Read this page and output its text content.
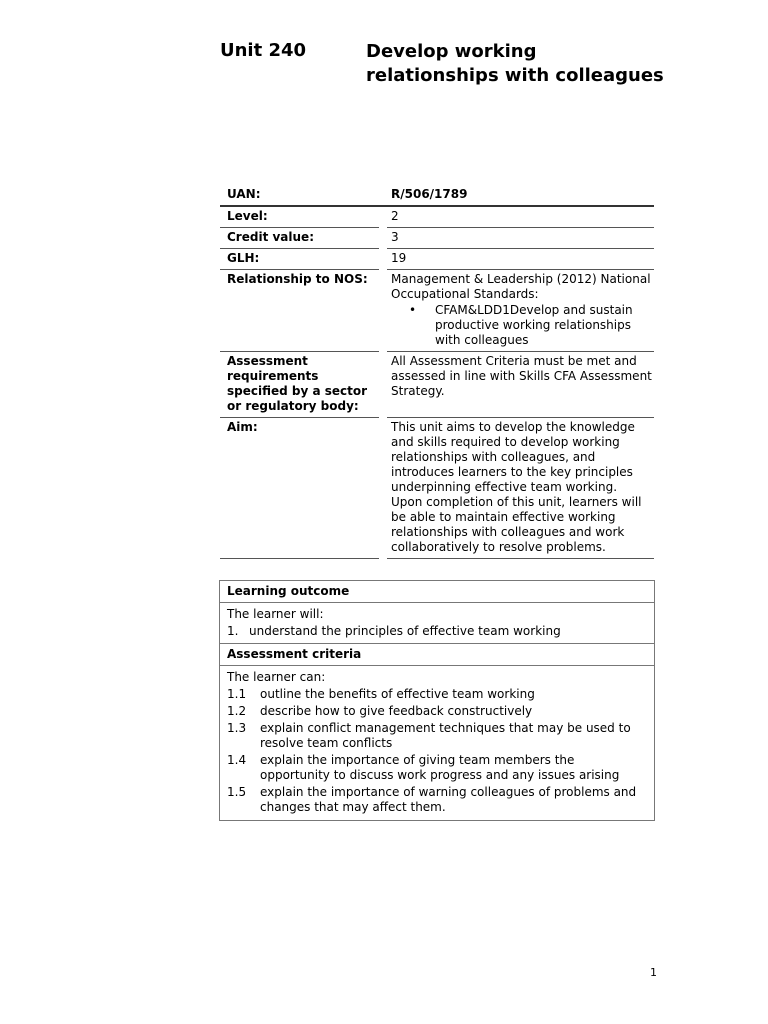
Unit 240	Develop working relationships with colleagues
UAN:		R/506/1789
Level:		2
Credit value:		3
GLH:		19
Relationship to NOS:		Management & Leadership (2012) National Occupational Standards:
• CFAM&LDD1Develop and sustain productive working relationships with colleagues

Assessment requirements specified by a sector or regulatory body:		All Assessment Criteria must be met and assessed in line with Skills CFA Assessment Strategy.
Aim:		This unit aims to develop the knowledge and skills required to develop working relationships with colleagues, and introduces learners to the key principles underpinning effective team working. Upon completion of this unit, learners will be able to maintain effective working relationships with colleagues and work collaboratively to resolve problems.
Learning outcome
The learner will:
1. understand the principles of effective team working
Assessment criteria
The learner can:
1.1	outline the benefits of effective team working
1.2	describe how to give feedback constructively
1.3	explain conflict management techniques that may be used to resolve team conflicts
1.4	explain the importance of giving team members the opportunity to discuss work progress and any issues arising
1.5	explain the importance of warning colleagues of problems and changes that may affect them.
1
